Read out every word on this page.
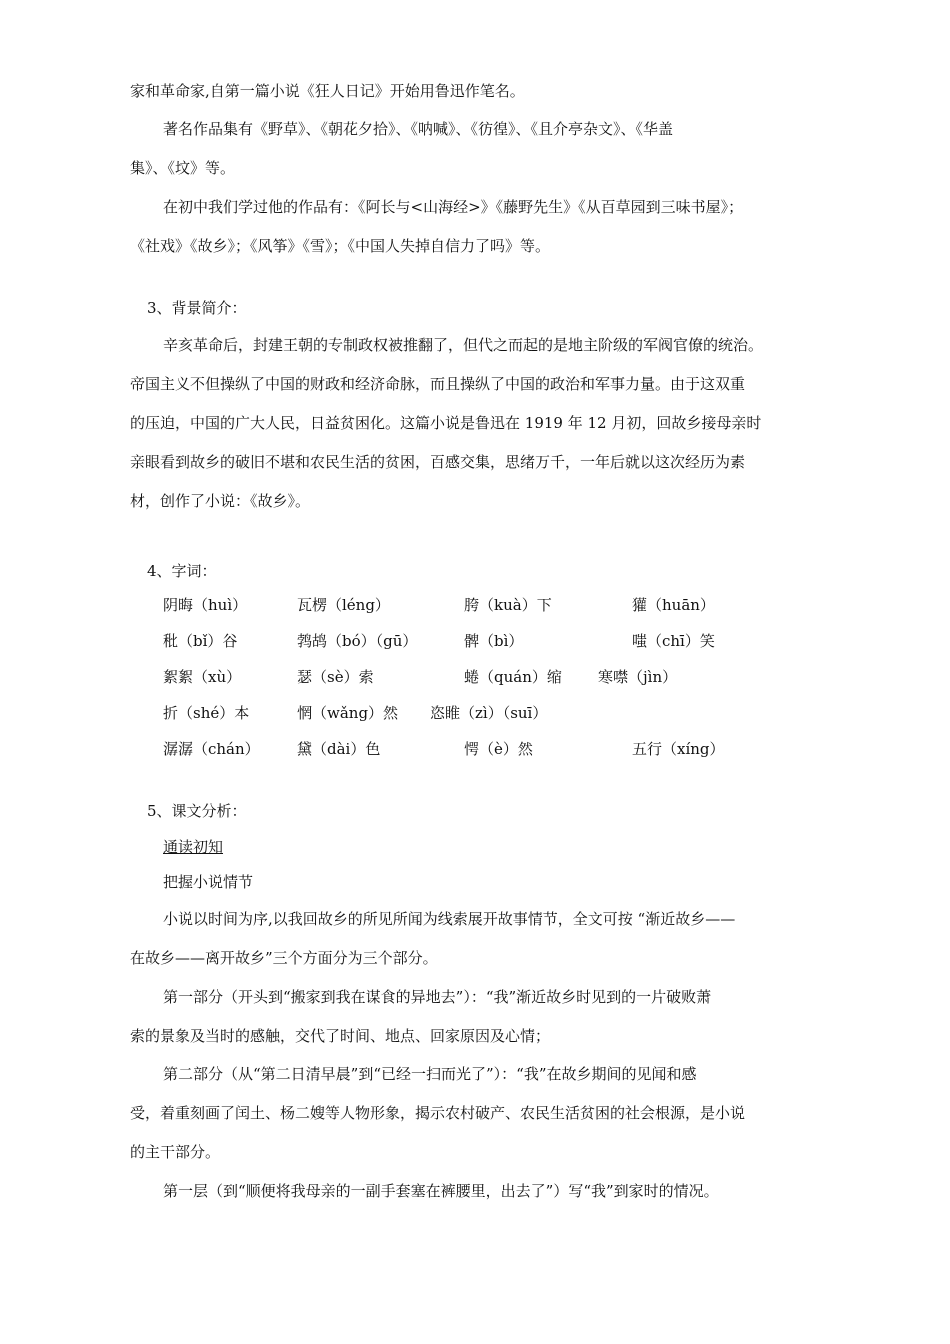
家和革命家,自第一篇小说《狂人日记》开始用鲁迅作笔名。
著名作品集有《野草》、《朝花夕拾》、《呐喊》、《彷徨》、《且介亭杂文》、《华盖
集》、《坟》等。
在初中我们学过他的作品有：《阿长与<山海经>》《藤野先生》《从百草园到三味书屋》；
《社戏》《故乡》；《风筝》《雪》；《中国人失掉自信力了吗》等。
3、背景简介：
辛亥革命后，封建王朝的专制政权被推翻了，但代之而起的是地主阶级的军阀官僚的统治。
帝国主义不但操纵了中国的财政和经济命脉，而且操纵了中国的政治和军事力量。由于这双重
的压迫，中国的广大人民，日益贫困化。这篇小说是鲁迅在 1919 年 12 月初，回故乡接母亲时
亲眼看到故乡的破旧不堪和农民生活的贫困，百感交集，思绪万千，一年后就以这次经历为素
材，创作了小说：《故乡》。
4、字词：
阴晦（huì）	瓦楞（léng）	胯（kuà）下	獾（huān）
秕（bǐ）谷	鹁鸪（bó）（gū）	髀（bì）	嗤（chī）笑
絮絮（xù）	瑟（sè）索	蜷（quán）缩 寒噤（jìn）
折（shé）本	惘（wǎng）然 恣睢（zì）（suī）
潺潺（chán） 黛（dài）色	愕（è）然	五行（xíng）
5、课文分析：
通读初知
把握小说情节
小说以时间为序,以我回故乡的所见所闻为线索展开故事情节，全文可按 “渐近故乡——
在故乡——离开故乡”三个方面分为三个部分。
第一部分（开头到“搬家到我在谋食的异地去”）：“我”渐近故乡时见到的一片破败萧
索的景象及当时的感触，交代了时间、地点、回家原因及心情；
第二部分（从“第二日清早晨”到“已经一扫而光了”）：“我”在故乡期间的见闻和感
受，着重刻画了闰土、杨二嫂等人物形象，揭示农村破产、农民生活贫困的社会根源，是小说
的主干部分。
第一层（到“顺便将我母亲的一副手套塞在裤腰里，出去了”）写“我”到家时的情况。
